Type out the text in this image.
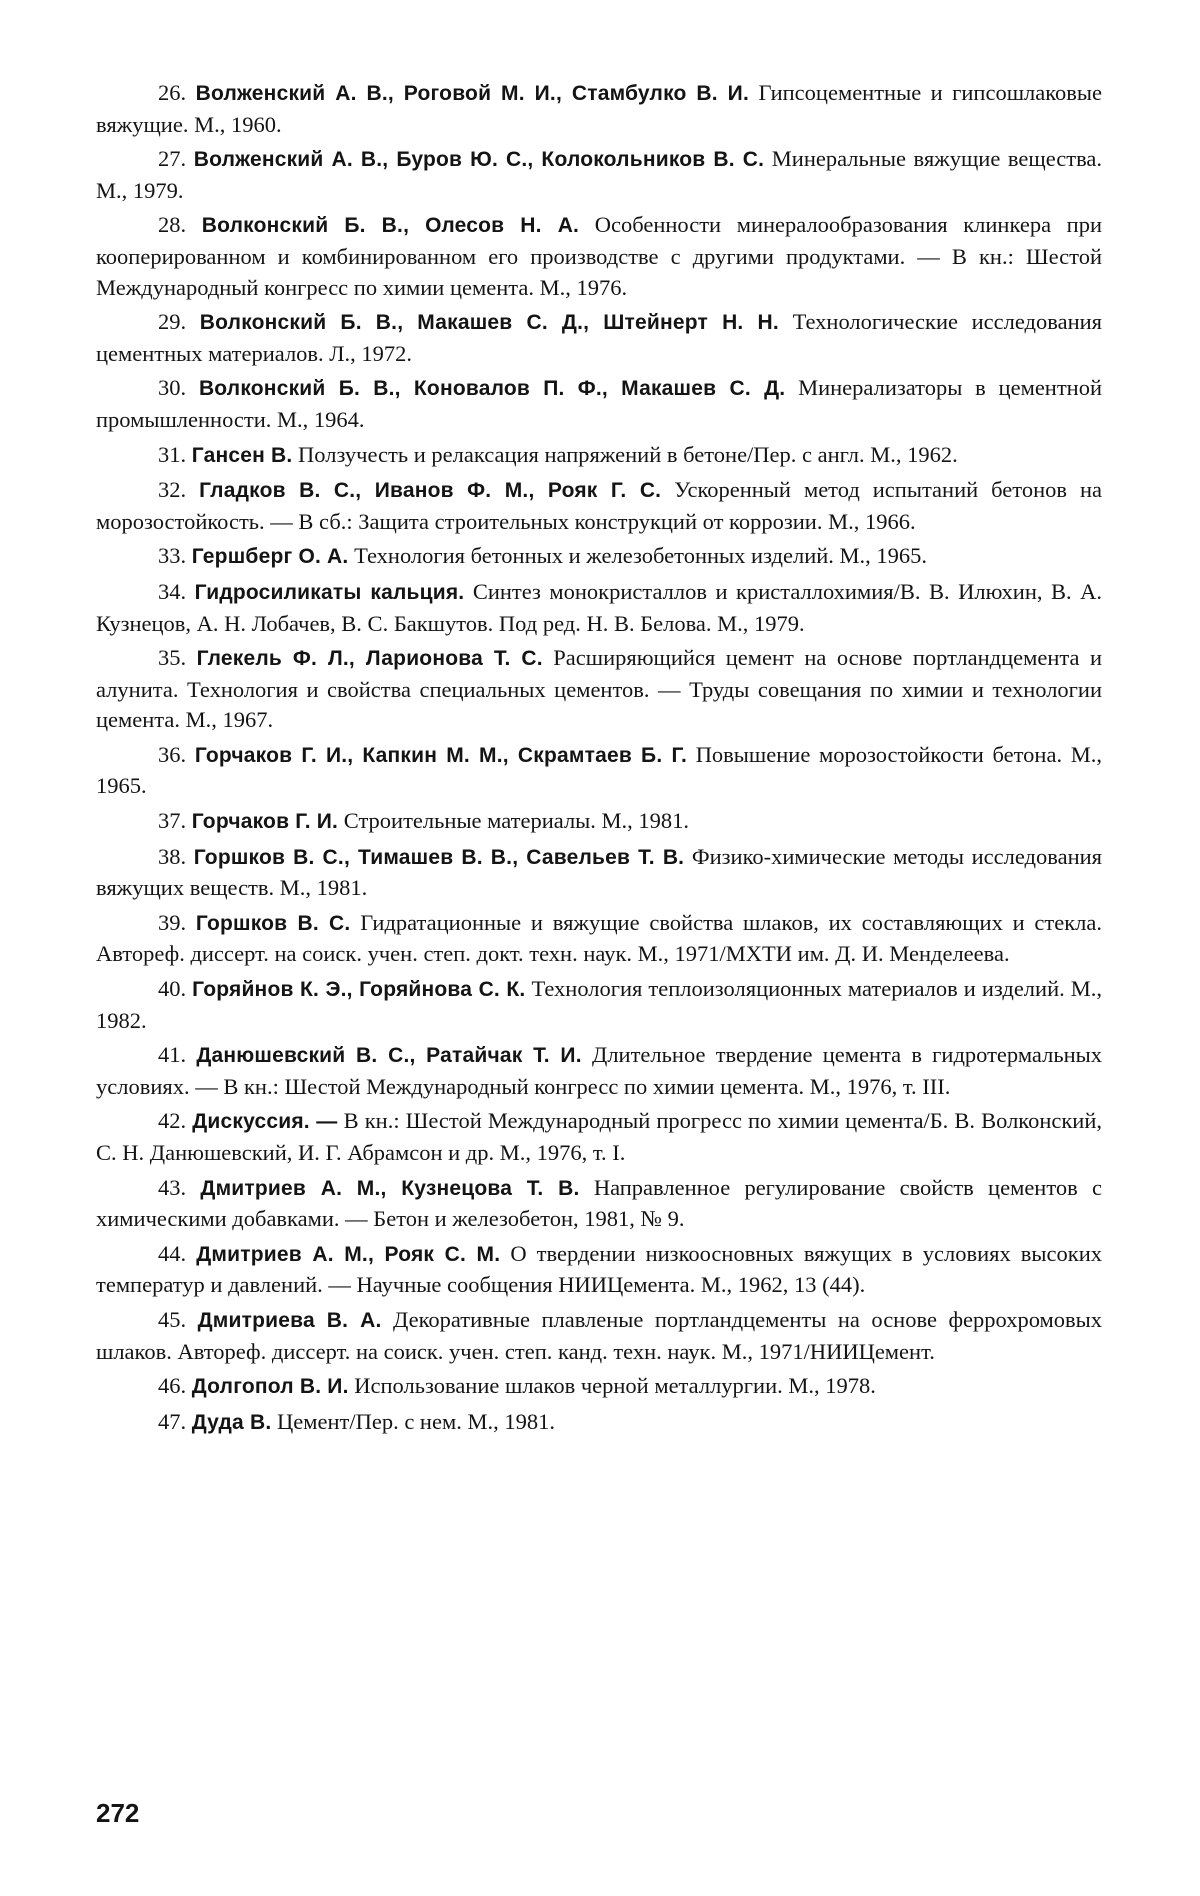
26. Волженский А. В., Роговой М. И., Стамбулко В. И. Гипсоцементные и гипсошлаковые вяжущие. М., 1960.

27. Волженский А. В., Буров Ю. С., Колокольников В. С. Минеральные вяжущие вещества. М., 1979.

28. Волконский Б. В., Олесов Н. А. Особенности минералообразования клинкера при кооперированном и комбинированном его производстве с другими продуктами. — В кн.: Шестой Международный конгресс по химии цемента. М., 1976.

29. Волконский Б. В., Макашев С. Д., Штейнерт Н. Н. Технологические исследования цементных материалов. Л., 1972.

30. Волконский Б. В., Коновалов П. Ф., Макашев С. Д. Минерализаторы в цементной промышленности. М., 1964.

31. Гансен В. Ползучесть и релаксация напряжений в бетоне/Пер. с англ. М., 1962.

32. Гладков В. С., Иванов Ф. М., Рояк Г. С. Ускоренный метод испытаний бетонов на морозостойкость. — В сб.: Защита строительных конструкций от коррозии. М., 1966.

33. Гершберг О. А. Технология бетонных и железобетонных изделий. М., 1965.

34. Гидросиликаты кальция. Синтез монокристаллов и кристаллохимия/В. В. Илюхин, В. А. Кузнецов, А. Н. Лобачев, В. С. Бакшутов. Под ред. Н. В. Белова. М., 1979.

35. Глекель Ф. Л., Ларионова Т. С. Расширяющийся цемент на основе портландцемента и алунита. Технология и свойства специальных цементов. — Труды совещания по химии и технологии цемента. М., 1967.

36. Горчаков Г. И., Капкин М. М., Скрамтаев Б. Г. Повышение морозостойкости бетона. М., 1965.

37. Горчаков Г. И. Строительные материалы. М., 1981.

38. Горшков В. С., Тимашев В. В., Савельев Т. В. Физико-химические методы исследования вяжущих веществ. М., 1981.

39. Горшков В. С. Гидратационные и вяжущие свойства шлаков, их составляющих и стекла. Автореф. диссерт. на соиск. учен. степ. докт. техн. наук. М., 1971/МХТИ им. Д. И. Менделеева.

40. Горяйнов К. Э., Горяйнова С. К. Технология теплоизоляционных материалов и изделий. М., 1982.

41. Данюшевский В. С., Ратайчак Т. И. Длительное твердение цемента в гидротермальных условиях. — В кн.: Шестой Международный конгресс по химии цемента. М., 1976, т. III.

42. Дискуссия. — В кн.: Шестой Международный прогресс по химии цемента/Б. В. Волконский, С. Н. Данюшевский, И. Г. Абрамсон и др. М., 1976, т. I.

43. Дмитриев А. М., Кузнецова Т. В. Направленное регулирование свойств цементов с химическими добавками. — Бетон и железобетон, 1981, № 9.

44. Дмитриев А. М., Рояк С. М. О твердении низкоосновных вяжущих в условиях высоких температур и давлений. — Научные сообщения НИИЦемента. М., 1962, 13 (44).

45. Дмитриева В. А. Декоративные плавленые портландцементы на основе феррохромовых шлаков. Автореф. диссерт. на соиск. учен. степ. канд. техн. наук. М., 1971/НИИЦемент.

46. Долгопол В. И. Использование шлаков черной металлургии. М., 1978.

47. Дуда В. Цемент/Пер. с нем. М., 1981.

272
